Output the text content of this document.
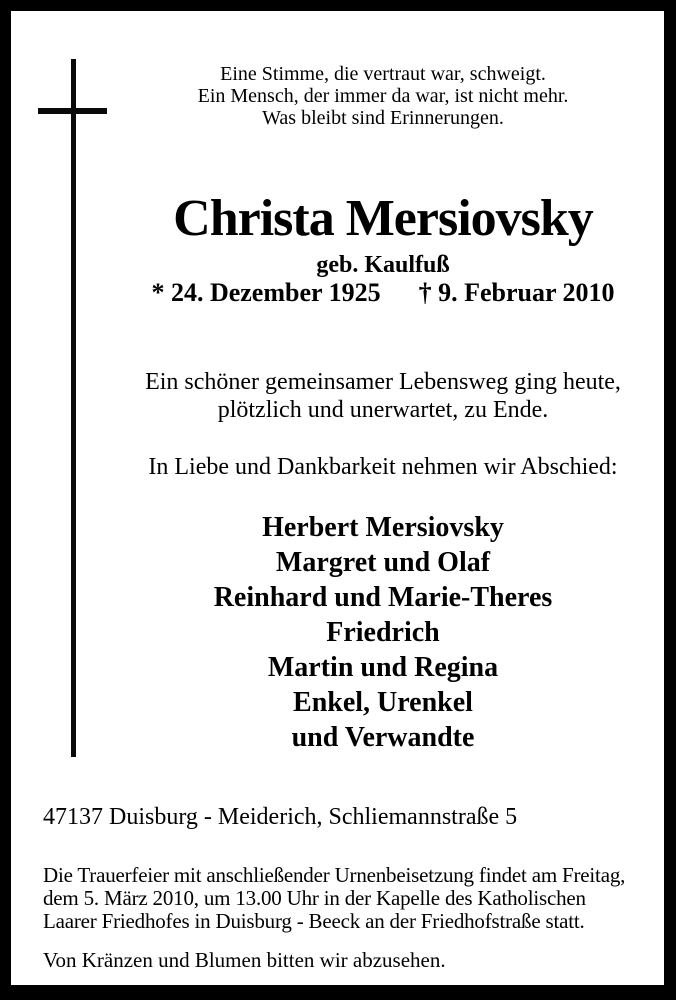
Eine Stimme, die vertraut war, schweigt.
Ein Mensch, der immer da war, ist nicht mehr.
Was bleibt sind Erinnerungen.
Christa Mersiovsky
geb. Kaulfuß
* 24. Dezember 1925 † 9. Februar 2010
Ein schöner gemeinsamer Lebensweg ging heute,
plötzlich und unerwartet, zu Ende.
In Liebe und Dankbarkeit nehmen wir Abschied:
Herbert Mersiovsky
Margret und Olaf
Reinhard und Marie-Theres
Friedrich
Martin und Regina
Enkel, Urenkel
und Verwandte
47137 Duisburg - Meiderich, Schliemannstraße 5
Die Trauerfeier mit anschließender Urnenbeisetzung findet am Freitag,
dem 5. März 2010, um 13.00 Uhr in der Kapelle des Katholischen
Laarer Friedhofes in Duisburg - Beeck an der Friedhofstraße statt.
Von Kränzen und Blumen bitten wir abzusehen.
